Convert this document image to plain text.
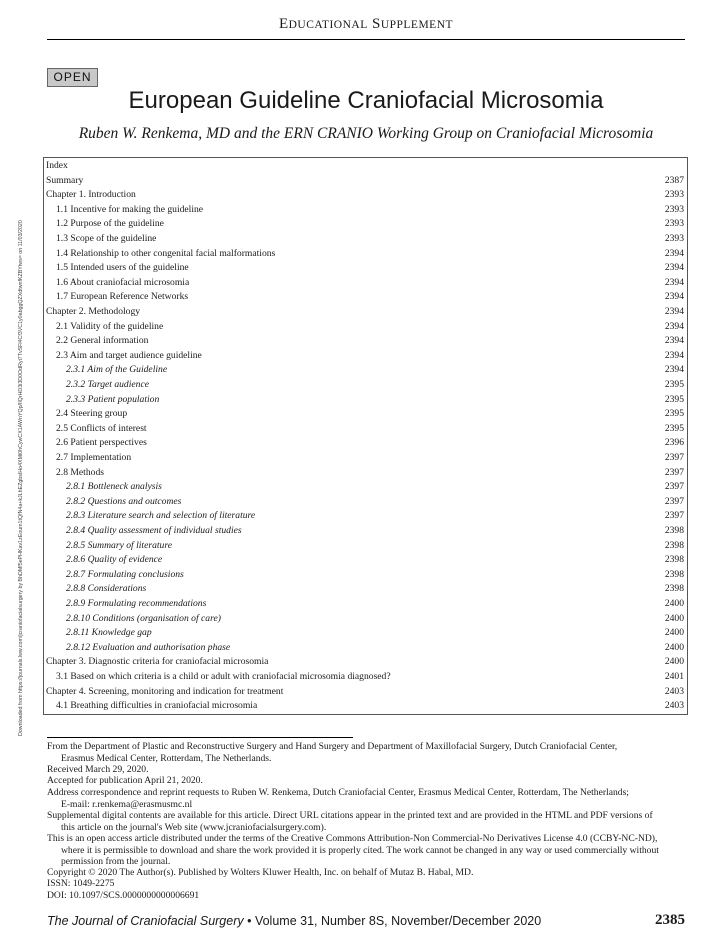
EDUCATIONAL SUPPLEMENT
OPEN
European Guideline Craniofacial Microsomia
Ruben W. Renkema, MD and the ERN CRANIO Working Group on Craniofacial Microsomia
Downloaded from https://journals.lww.com/jcraniofacialsurgery by BhDMf5ePHKav1zEoum1tQfN4a+kJLhEZgbsIHo4XMi0hCywCX1AWnYQp/IlQrHD3i3D0OdRyi7TvSFl4Cf3VC1y0abggQZXdtwnfKZBYtws= on 11/03/2020
Index
Summary	2387
Chapter 1. Introduction	2393
1.1 Incentive for making the guideline	2393
1.2 Purpose of the guideline	2393
1.3 Scope of the guideline	2393
1.4 Relationship to other congenital facial malformations	2394
1.5 Intended users of the guideline	2394
1.6 About craniofacial microsomia	2394
1.7 European Reference Networks	2394
Chapter 2. Methodology	2394
2.1 Validity of the guideline	2394
2.2 General information	2394
2.3 Aim and target audience guideline	2394
2.3.1 Aim of the Guideline	2394
2.3.2 Target audience	2395
2.3.3 Patient population	2395
2.4 Steering group	2395
2.5 Conflicts of interest	2395
2.6 Patient perspectives	2396
2.7 Implementation	2397
2.8 Methods	2397
2.8.1 Bottleneck analysis	2397
2.8.2 Questions and outcomes	2397
2.8.3 Literature search and selection of literature	2397
2.8.4 Quality assessment of individual studies	2398
2.8.5 Summary of literature	2398
2.8.6 Quality of evidence	2398
2.8.7 Formulating conclusions	2398
2.8.8 Considerations	2398
2.8.9 Formulating recommendations	2400
2.8.10 Conditions (organisation of care)	2400
2.8.11 Knowledge gap	2400
2.8.12 Evaluation and authorisation phase	2400
Chapter 3. Diagnostic criteria for craniofacial microsomia	2400
3.1 Based on which criteria is a child or adult with craniofacial microsomia diagnosed?	2401
Chapter 4. Screening, monitoring and indication for treatment	2403
4.1 Breathing difficulties in craniofacial microsomia	2403
From the Department of Plastic and Reconstructive Surgery and Hand Surgery and Department of Maxillofacial Surgery, Dutch Craniofacial Center,
Erasmus Medical Center, Rotterdam, The Netherlands.
Received March 29, 2020.
Accepted for publication April 21, 2020.
Address correspondence and reprint requests to Ruben W. Renkema, Dutch Craniofacial Center, Erasmus Medical Center, Rotterdam, The Netherlands;
E-mail: r.renkema@erasmusmc.nl
Supplemental digital contents are available for this article. Direct URL citations appear in the printed text and are provided in the HTML and PDF versions of
this article on the journal's Web site (www.jcraniofacialsurgery.com).
This is an open access article distributed under the terms of the Creative Commons Attribution-Non Commercial-No Derivatives License 4.0 (CCBY-NC-ND),
where it is permissible to download and share the work provided it is properly cited. The work cannot be changed in any way or used commercially without
permission from the journal.
Copyright © 2020 The Author(s). Published by Wolters Kluwer Health, Inc. on behalf of Mutaz B. Habal, MD.
ISSN: 1049-2275
DOI: 10.1097/SCS.0000000000006691
The Journal of Craniofacial Surgery • Volume 31, Number 8S, November/December 2020	2385
